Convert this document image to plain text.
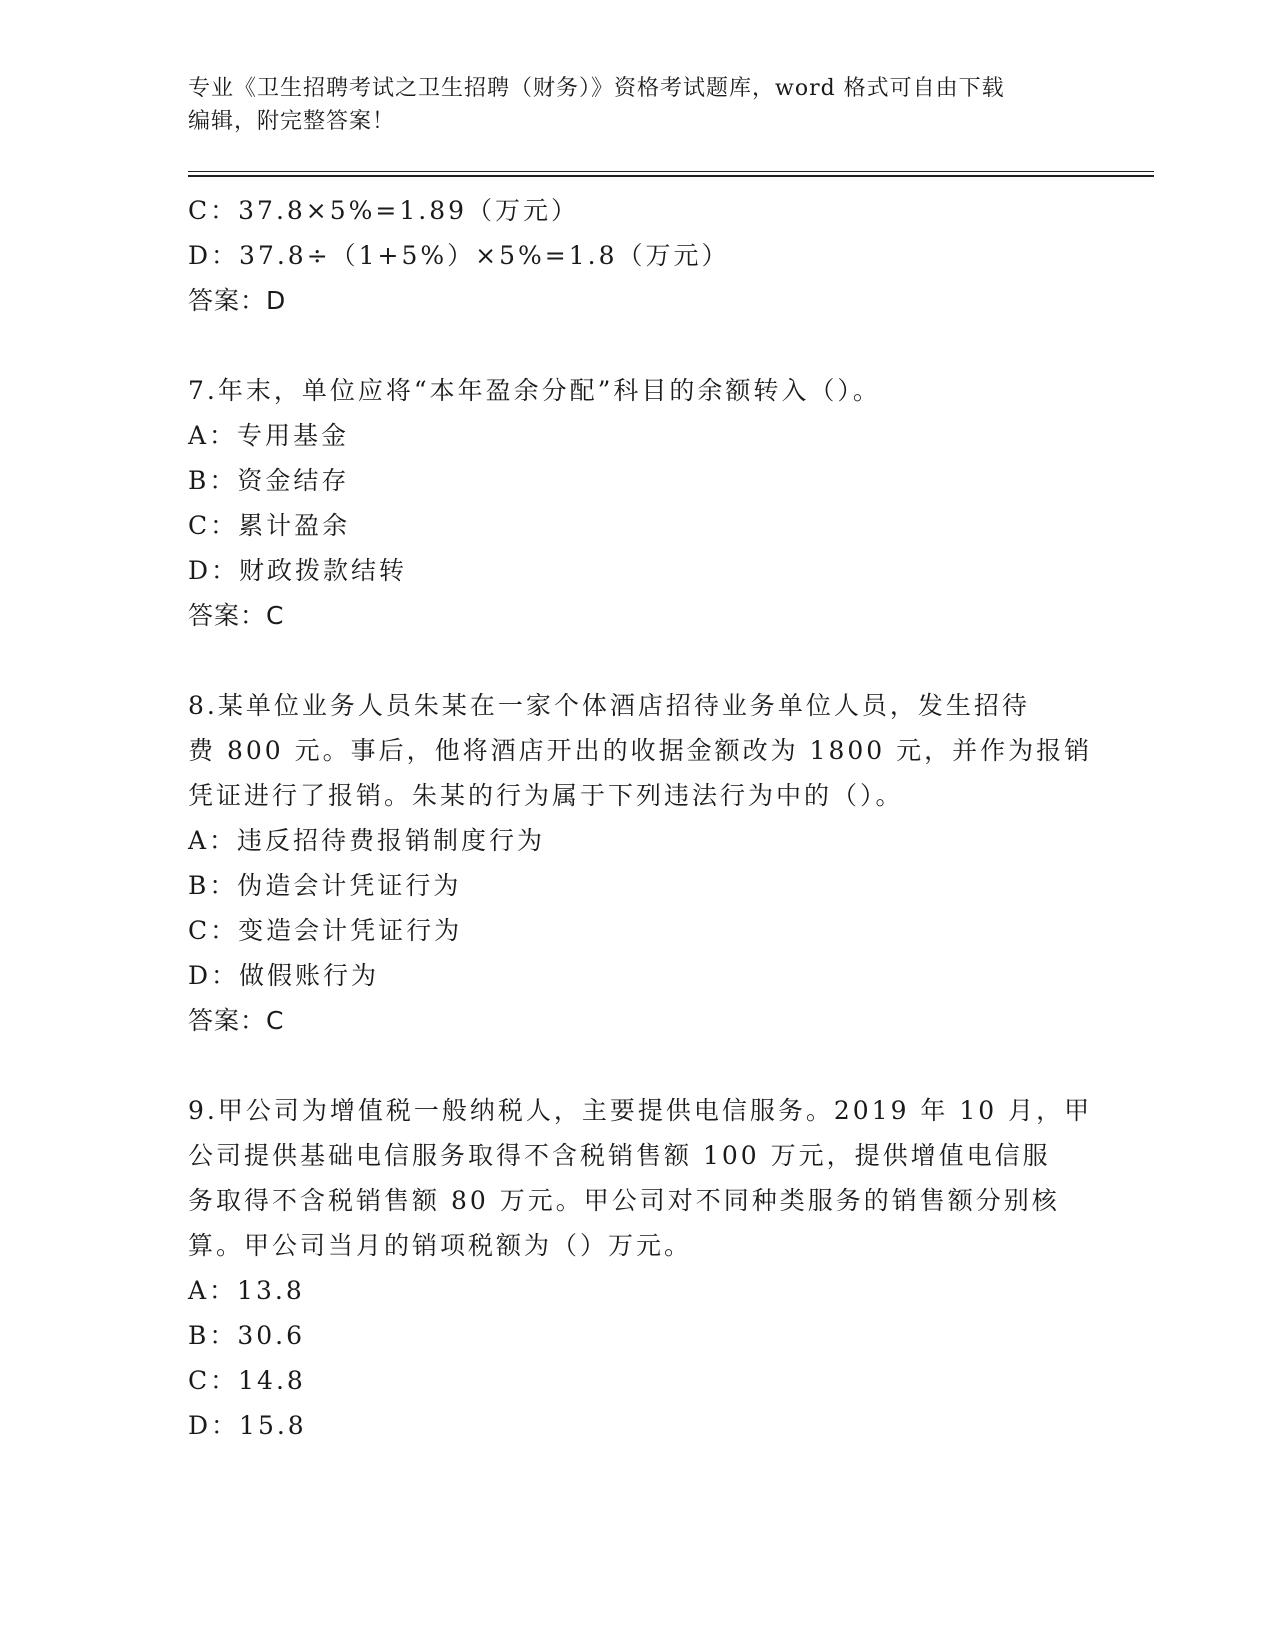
专业《卫生招聘考试之卫生招聘（财务）》资格考试题库，word 格式可自由下载
编辑，附完整答案！
C：37.8×5%=1.89（万元）
D：37.8÷（1+5%）×5%=1.8（万元）
答案：D
7.年末，单位应将“本年盈余分配”科目的余额转入（）。
A：专用基金
B：资金结存
C：累计盈余
D：财政拨款结转
答案：C
8.某单位业务人员朱某在一家个体酒店招待业务单位人员，发生招待
费 800 元。事后，他将酒店开出的收据金额改为 1800 元，并作为报销
凭证进行了报销。朱某的行为属于下列违法行为中的（）。
A：违反招待费报销制度行为
B：伪造会计凭证行为
C：变造会计凭证行为
D：做假账行为
答案：C
9.甲公司为增值税一般纳税人，主要提供电信服务。2019 年 10 月，甲
公司提供基础电信服务取得不含税销售额 100 万元，提供增值电信服
务取得不含税销售额 80 万元。甲公司对不同种类服务的销售额分别核
算。甲公司当月的销项税额为（）万元。
A：13.8
B：30.6
C：14.8
D：15.8
